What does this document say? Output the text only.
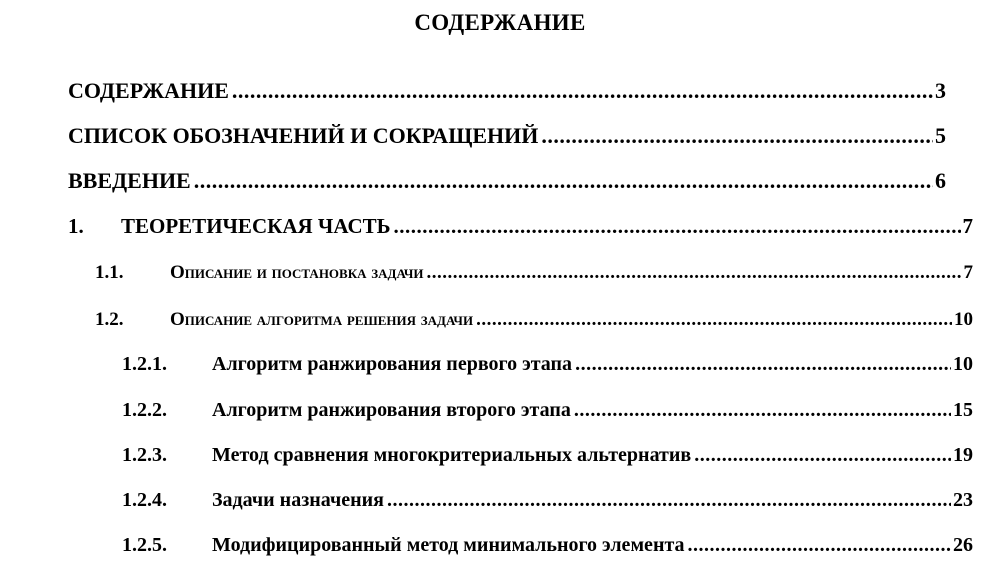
СОДЕРЖАНИЕ
СОДЕРЖАНИЕ .....	3
СПИСОК ОБОЗНАЧЕНИЙ И СОКРАЩЕНИЙ .....	5
ВВЕДЕНИЕ .....	6
1.	ТЕОРЕТИЧЕСКАЯ ЧАСТЬ .....	7
1.1.	Описание и постановка задачи .....	7
1.2.	Описание алгоритма решения задачи .....	10
1.2.1.	Алгоритм ранжирования первого этапа .....	10
1.2.2.	Алгоритм ранжирования второго этапа .....	15
1.2.3.	Метод сравнения многокритериальных альтернатив .....	19
1.2.4.	Задачи назначения .....	23
1.2.5.	Модифицированный метод минимального элемента .....	26
